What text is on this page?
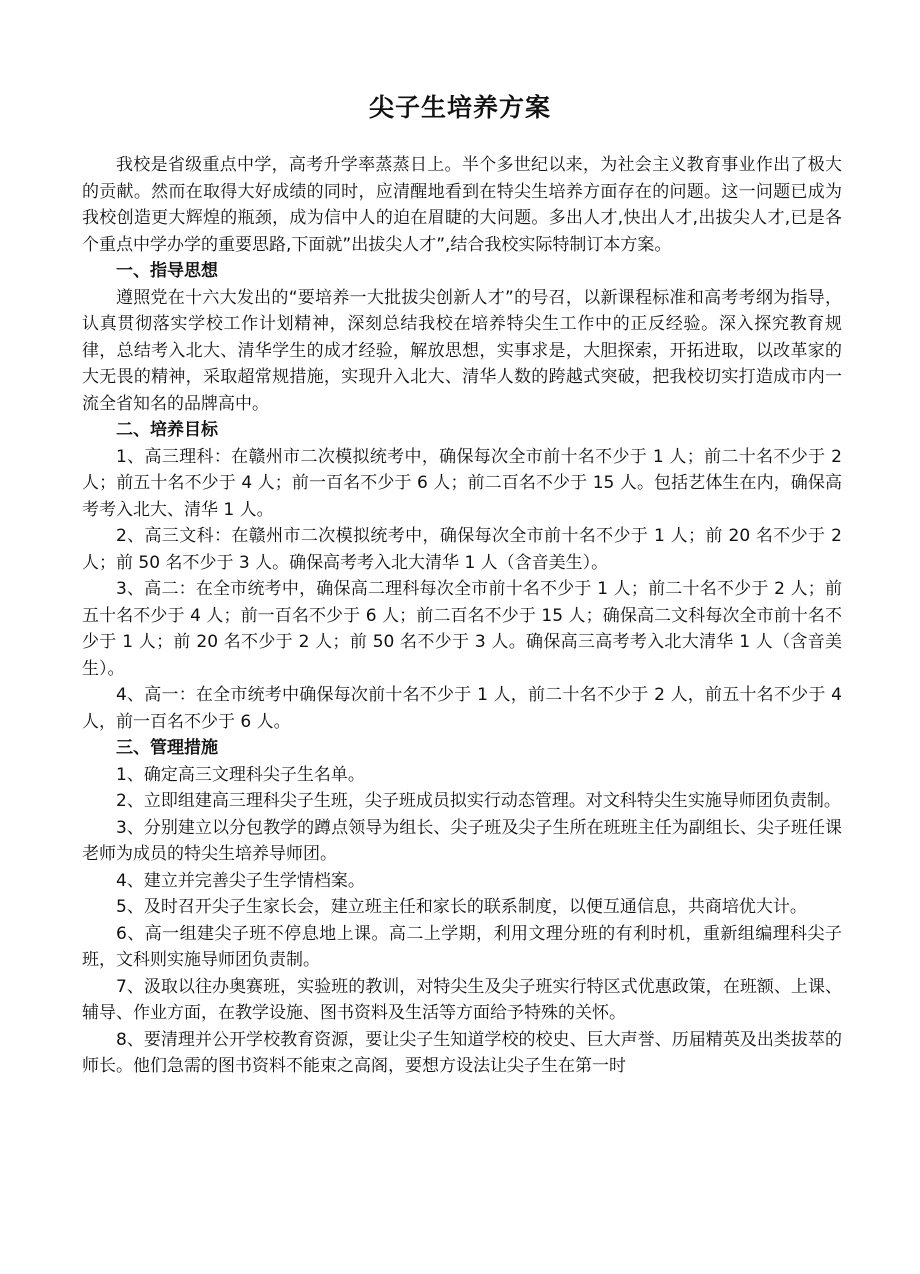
尖子生培养方案

我校是省级重点中学，高考升学率蒸蒸日上。半个多世纪以来，为社会主义教育事业作出了极大的贡献。然而在取得大好成绩的同时，应清醒地看到在特尖生培养方面存在的问题。这一问题已成为我校创造更大辉煌的瓶颈，成为信中人的迫在眉睫的大问题。多出人才,快出人才,出拔尖人才,已是各个重点中学办学的重要思路,下面就”出拔尖人才”,结合我校实际特制订本方案。

一、指导思想

遵照党在十六大发出的“要培养一大批拔尖创新人才”的号召，以新课程标准和高考考纲为指导，认真贯彻落实学校工作计划精神，深刻总结我校在培养特尖生工作中的正反经验。深入探究教育规律，总结考入北大、清华学生的成才经验，解放思想，实事求是，大胆探索，开拓进取，以改革家的大无畏的精神，采取超常规措施，实现升入北大、清华人数的跨越式突破，把我校切实打造成市内一流全省知名的品牌高中。

二、培养目标

1、高三理科：在赣州市二次模拟统考中，确保每次全市前十名不少于 1 人；前二十名不少于 2 人；前五十名不少于 4 人；前一百名不少于 6 人；前二百名不少于 15 人。包括艺体生在内，确保高考考入北大、清华 1 人。

2、高三文科：在赣州市二次模拟统考中，确保每次全市前十名不少于 1 人；前 20 名不少于 2 人；前 50 名不少于 3 人。确保高考考入北大清华 1 人（含音美生）。

3、高二：在全市统考中，确保高二理科每次全市前十名不少于 1 人；前二十名不少于 2 人；前五十名不少于 4 人；前一百名不少于 6 人；前二百名不少于 15 人；确保高二文科每次全市前十名不少于 1 人；前 20 名不少于 2 人；前 50 名不少于 3 人。确保高三高考考入北大清华 1 人（含音美生）。

4、高一：在全市统考中确保每次前十名不少于 1 人，前二十名不少于 2 人，前五十名不少于 4 人，前一百名不少于 6 人。

三、管理措施

1、确定高三文理科尖子生名单。

2、立即组建高三理科尖子生班，尖子班成员拟实行动态管理。对文科特尖生实施导师团负责制。

3、分别建立以分包教学的蹲点领导为组长、尖子班及尖子生所在班班主任为副组长、尖子班任课老师为成员的特尖生培养导师团。

4、建立并完善尖子生学情档案。

5、及时召开尖子生家长会，建立班主任和家长的联系制度，以便互通信息，共商培优大计。

6、高一组建尖子班不停息地上课。高二上学期，利用文理分班的有利时机，重新组编理科尖子班，文科则实施导师团负责制。

7、汲取以往办奥赛班，实验班的教训，对特尖生及尖子班实行特区式优惠政策，在班额、上课、辅导、作业方面，在教学设施、图书资料及生活等方面给予特殊的关怀。

8、要清理并公开学校教育资源，要让尖子生知道学校的校史、巨大声誉、历届精英及出类拔萃的师长。他们急需的图书资料不能束之高阁，要想方设法让尖子生在第一时
